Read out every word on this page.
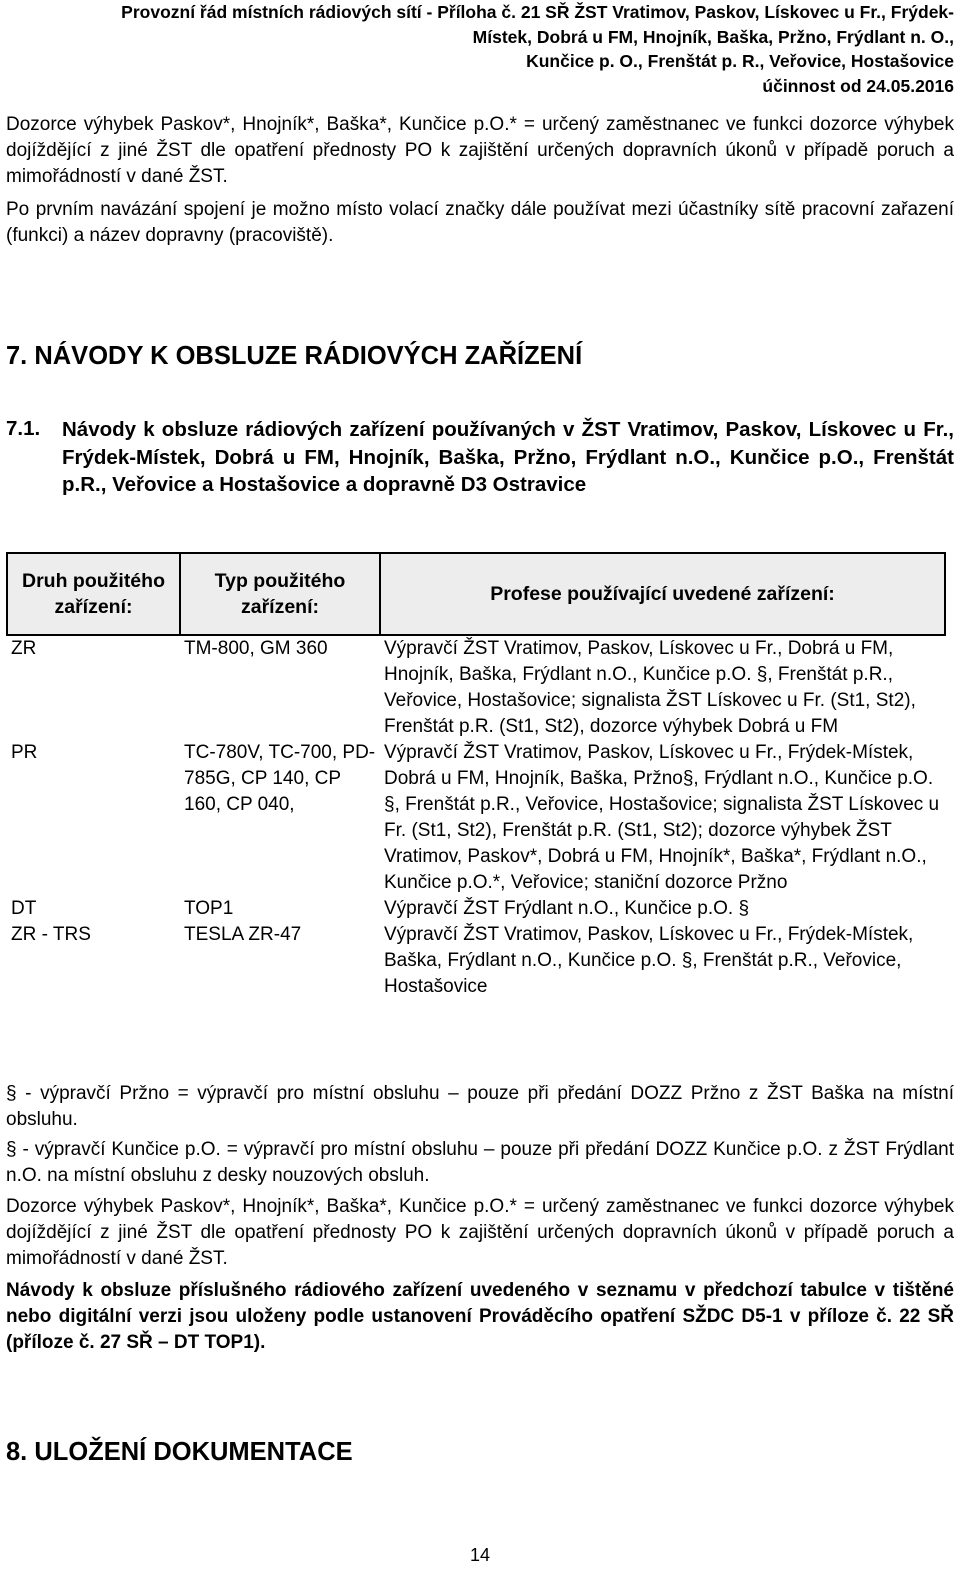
Provozní řád místních rádiových sítí - Příloha č. 21 SŘ ŽST Vratimov, Paskov, Lískovec u Fr., Frýdek-
Místek, Dobrá u FM, Hnojník, Baška, Pržno, Frýdlant n. O.,
Kunčice p. O., Frenštát p. R., Veřovice, Hostašovice
účinnost od 24.05.2016
Dozorce výhybek Paskov*, Hnojník*, Baška*, Kunčice p.O.* = určený zaměstnanec ve funkci dozorce výhybek dojíždějící z jiné ŽST dle opatření přednosty PO k zajištění určených dopravních úkonů v případě poruch a mimořádností v dané ŽST.
Po prvním navázání spojení je možno místo volací značky dále používat mezi účastníky sítě pracovní zařazení (funkci) a název dopravny (pracoviště).
7. NÁVODY K OBSLUZE RÁDIOVÝCH ZAŘÍZENÍ
7.1. Návody k obsluze rádiových zařízení používaných v ŽST Vratimov, Paskov, Lískovec u Fr., Frýdek-Místek, Dobrá u FM, Hnojník, Baška, Pržno, Frýdlant n.O., Kunčice p.O., Frenštát p.R., Veřovice a Hostašovice a dopravně D3 Ostravice
Druh použitého zařízení:	Typ použitého zařízení:	Profese používající uvedené zařízení:
ZR	TM-800, GM 360	Výpravčí ŽST Vratimov, Paskov, Lískovec u Fr., Dobrá u FM, Hnojník, Baška, Frýdlant n.O., Kunčice p.O. §, Frenštát p.R., Veřovice, Hostašovice; signalista ŽST Lískovec u Fr. (St1, St2), Frenštát p.R. (St1, St2), dozorce výhybek Dobrá u FM
PR	TC-780V, TC-700, PD-785G, CP 140, CP 160, CP 040,	Výpravčí ŽST Vratimov, Paskov, Lískovec u Fr., Frýdek-Místek, Dobrá u FM, Hnojník, Baška, Pržno§, Frýdlant n.O., Kunčice p.O. §, Frenštát p.R., Veřovice, Hostašovice; signalista ŽST Lískovec u Fr. (St1, St2), Frenštát p.R. (St1, St2); dozorce výhybek ŽST Vratimov, Paskov*, Dobrá u FM, Hnojník*, Baška*, Frýdlant n.O., Kunčice p.O.*, Veřovice; staniční dozorce Pržno
DT	TOP1	Výpravčí ŽST Frýdlant n.O., Kunčice p.O. §
ZR - TRS	TESLA ZR-47	Výpravčí ŽST Vratimov, Paskov, Lískovec u Fr., Frýdek-Místek, Baška, Frýdlant n.O., Kunčice p.O. §, Frenštát p.R., Veřovice, Hostašovice
§ - výpravčí Pržno = výpravčí pro místní obsluhu – pouze při předání DOZZ Pržno z ŽST Baška na místní obsluhu.
§ - výpravčí Kunčice p.O. = výpravčí pro místní obsluhu – pouze při předání DOZZ Kunčice p.O. z ŽST Frýdlant n.O. na místní obsluhu z desky nouzových obsluh.
Dozorce výhybek Paskov*, Hnojník*, Baška*, Kunčice p.O.* = určený zaměstnanec ve funkci dozorce výhybek dojíždějící z jiné ŽST dle opatření přednosty PO k zajištění určených dopravních úkonů v případě poruch a mimořádností v dané ŽST.
Návody k obsluze příslušného rádiového zařízení uvedeného v seznamu v předchozí tabulce v tištěné nebo digitální verzi jsou uloženy podle ustanovení Prováděcího opatření SŽDC D5-1 v příloze č. 22 SŘ (příloze č. 27 SŘ – DT TOP1).
8. ULOŽENÍ DOKUMENTACE
14
